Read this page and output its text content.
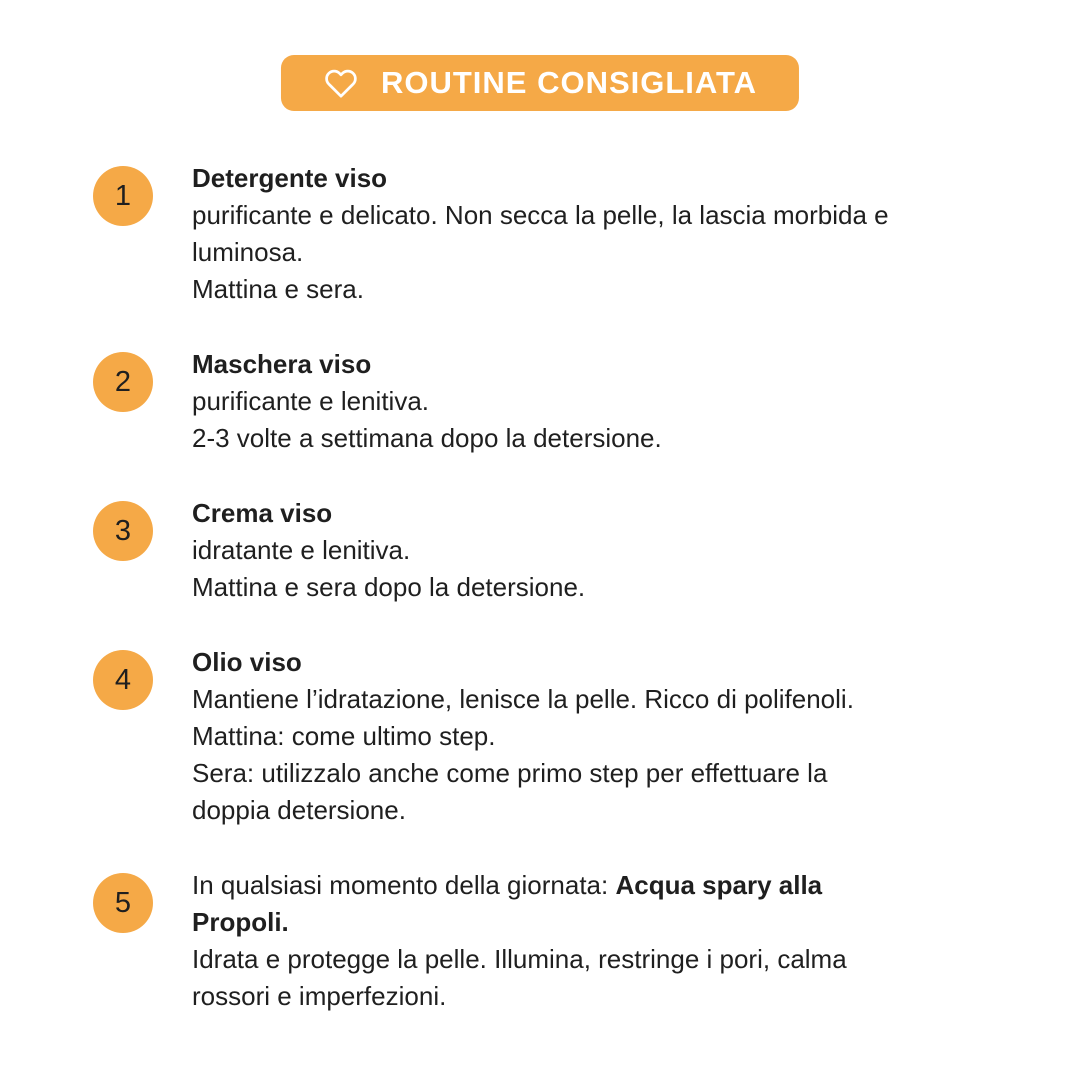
ROUTINE CONSIGLIATA
1

Detergente viso

purificante e delicato. Non secca la pelle, la lascia morbida e

luminosa.

Mattina e sera.

2

Maschera viso

purificante e lenitiva.

2-3 volte a settimana dopo la detersione.

3

Crema viso

idratante e lenitiva.

Mattina e sera dopo la detersione.

4

Olio viso

Mantiene l’idratazione, lenisce la pelle. Ricco di polifenoli.

Mattina: come ultimo step.

Sera: utilizzalo anche come primo step per effettuare la

doppia detersione.

5

In qualsiasi momento della giornata: Acqua spary alla

Propoli.

Idrata e protegge la pelle. Illumina, restringe i pori, calma

rossori e imperfezioni.
